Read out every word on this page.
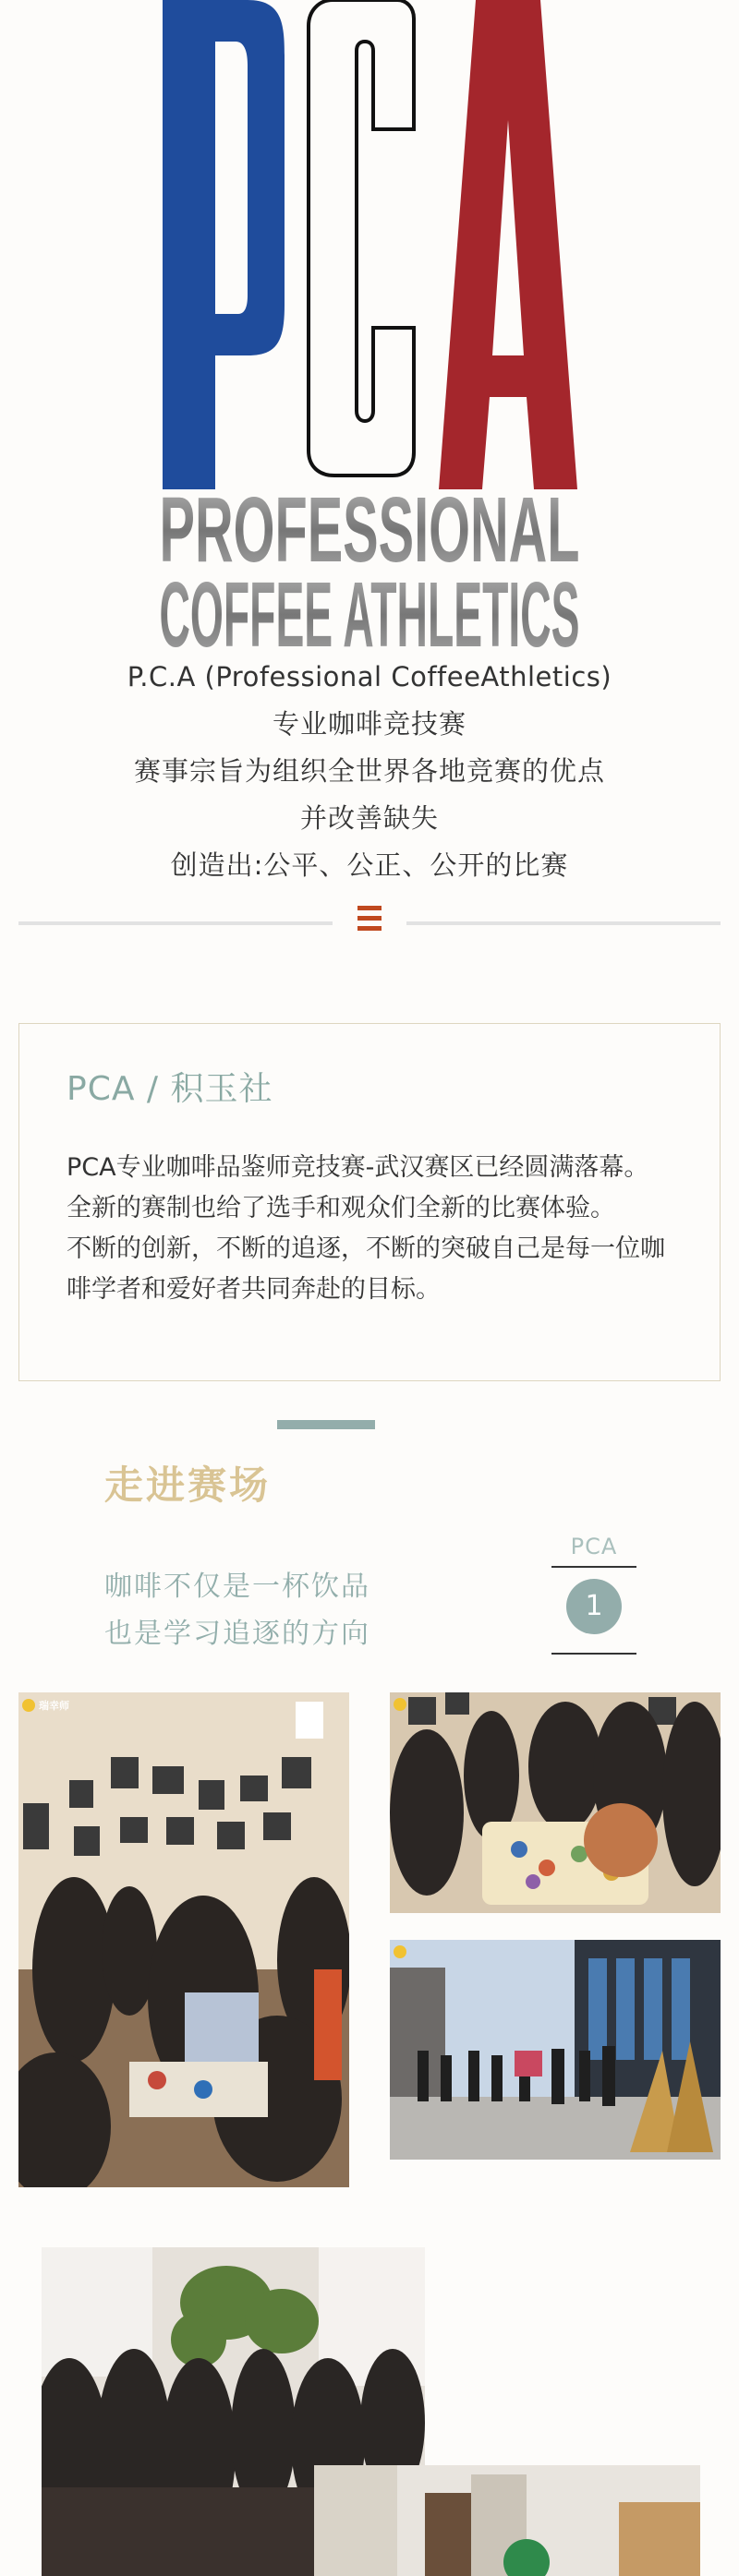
PROFESSIONAL
COFFEE ATHLETICS

P.C.A (Professional CoffeeAthletics)

专业咖啡竞技赛

赛事宗旨为组织全世界各地竞赛的优点

并改善缺失

创造出:公平、公正、公开的比赛

PCA / 积玉社

PCA专业咖啡品鉴师竞技赛-武汉赛区已经圆满落幕。

全新的赛制也给了选手和观众们全新的比赛体验。

不断的创新，不断的追逐，不断的突破自己是每一位咖啡学者和爱好者共同奔赴的目标。

走进赛场
咖啡不仅是一杯饮品
也是学习追逐的方向
PCA
1
瑞幸师
